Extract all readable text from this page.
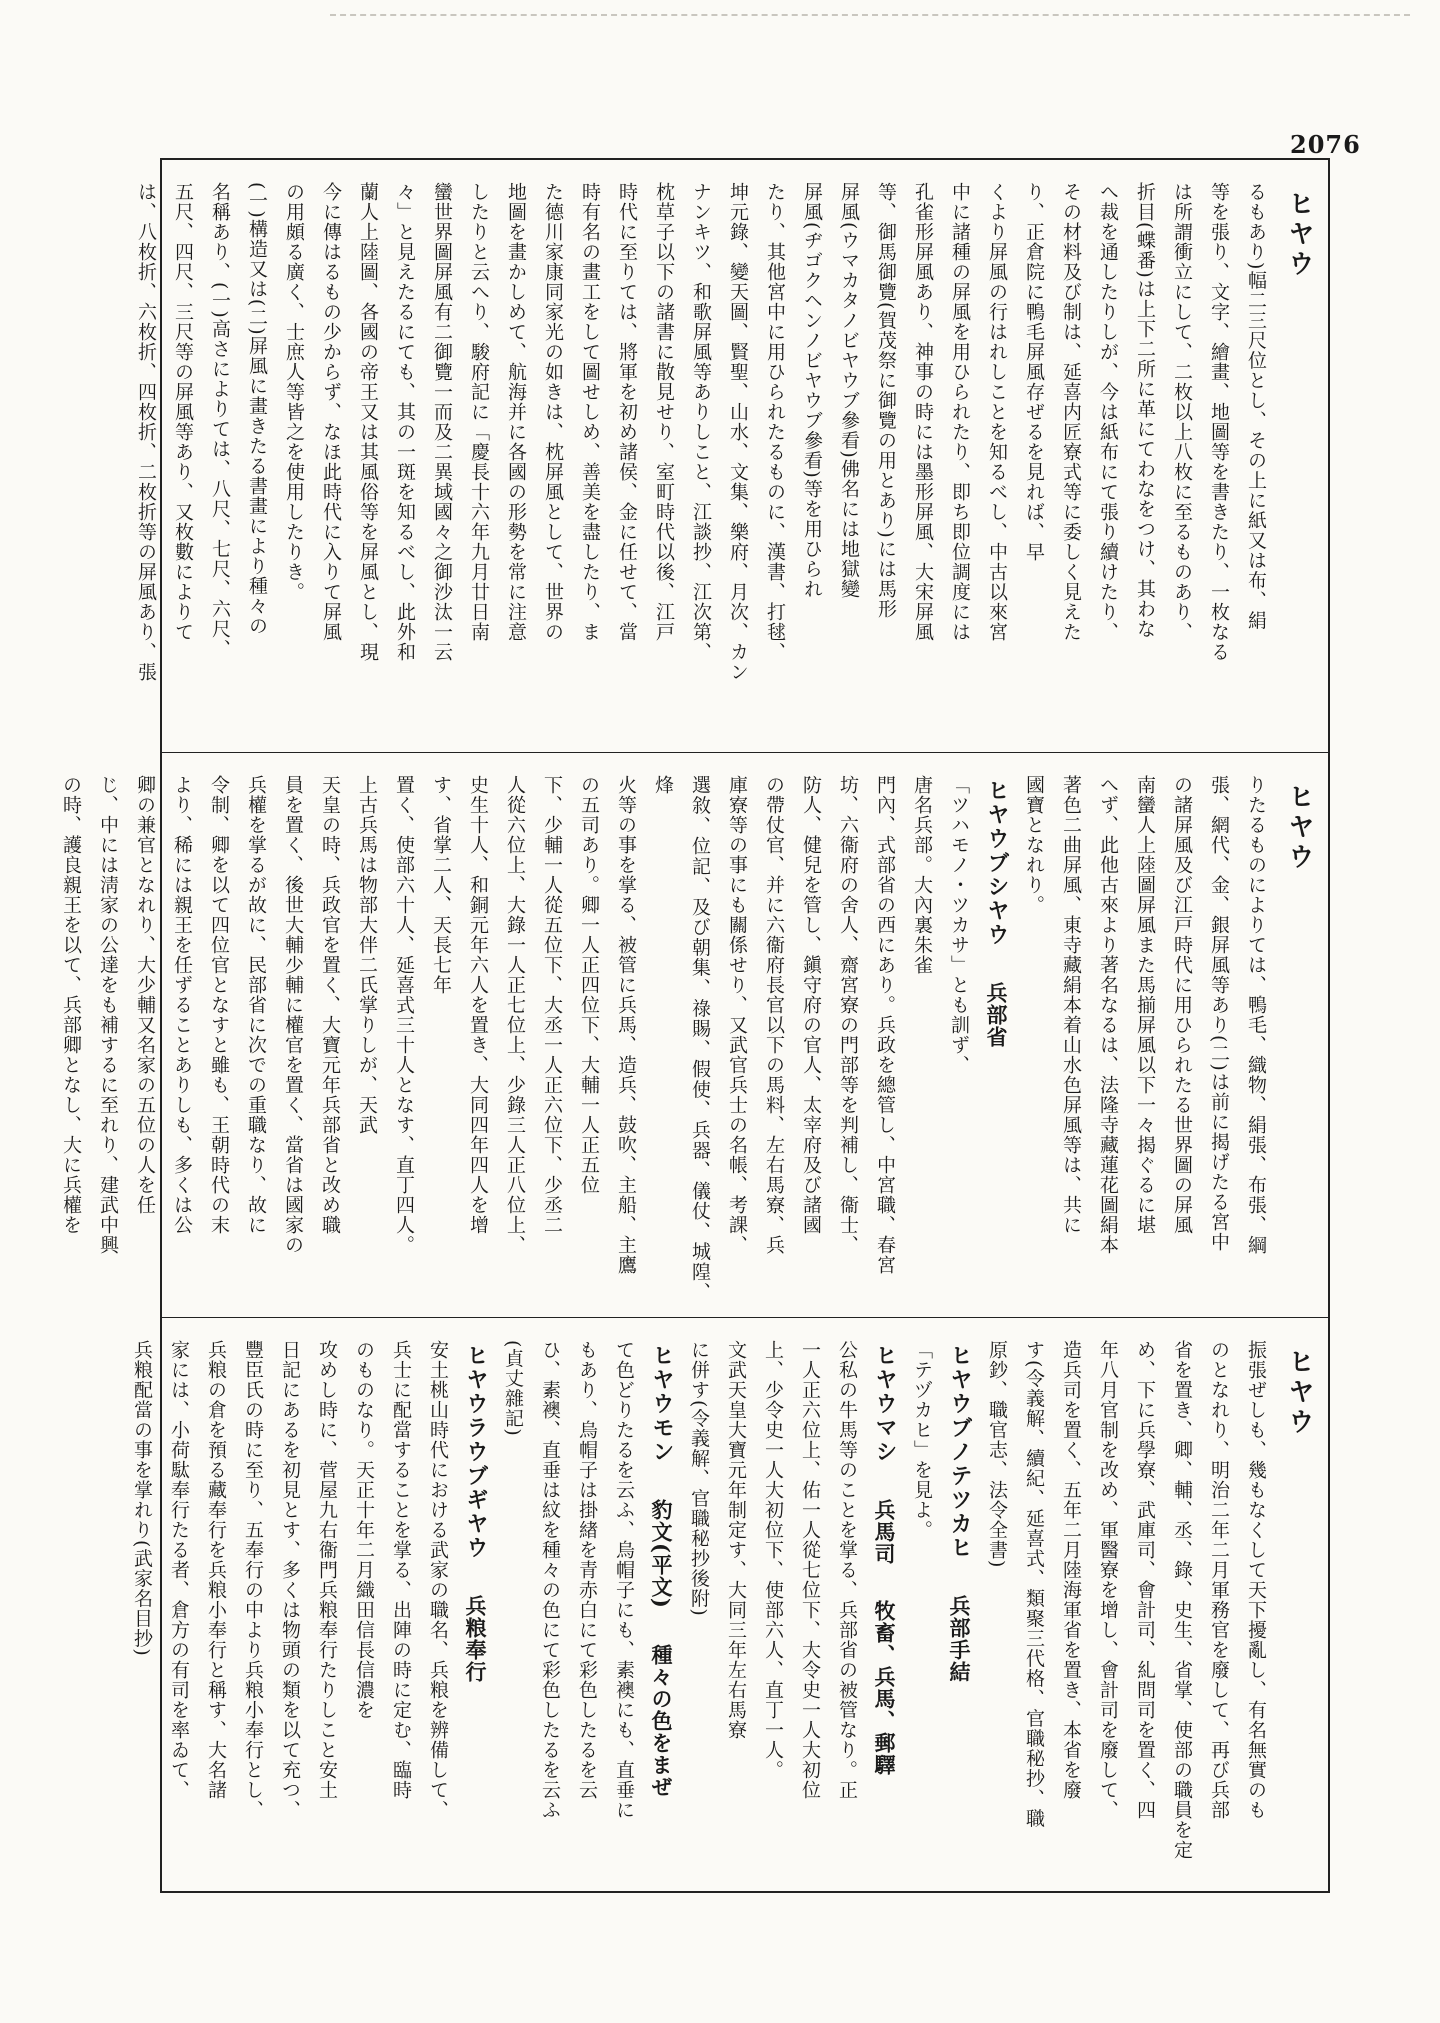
2076
ヒヤウ
るもあり)幅二三尺位とし、その上に紙又は布、絹
等を張り、文字、繪畫、地圖等を書きたり、一枚なる
は所謂衝立にして、二枚以上八枚に至るものあり、
折目(蝶番)は上下二所に革にてわなをつけ、其わな
へ裁を通したりしが、今は紙布にて張り續けたり、
その材料及び制は、延喜内匠寮式等に委しく見えた
り、正倉院に鴨毛屏風存ぜるを見れば、早
くより屏風の行はれしことを知るべし、中古以來宮
中に諸種の屏風を用ひられたり、即ち即位調度には
孔雀形屏風あり、神事の時には墨形屏風、大宋屏風
等、御馬御覽(賀茂祭に御覽の用とあり)には馬形
屏風(ウマカタノビヤウブ參看)佛名には地獄變
屏風(ヂゴクヘンノビヤウブ參看)等を用ひられ
たり、其他宮中に用ひられたるものに、漢書、打毬、
坤元錄、變天圖、賢聖、山水、文集、樂府、月次、カン
ナンキツ、和歌屏風等ありしこと、江談抄、江次第、
枕草子以下の諸書に散見せり、室町時代以後、江戸
時代に至りては、將軍を初め諸侯、金に任せて、當
時有名の畫工をして圖せしめ、善美を盡したり、ま
た德川家康同家光の如きは、枕屏風として、世界の
地圖を畫かしめて、航海并に各國の形勢を常に注意
したりと云へり、駿府記に「慶長十六年九月廿日南
蠻世界圖屏風有二御覽一而及二異域國々之御沙汰一云
々」と見えたるにても、其の一斑を知るべし、此外和
蘭人上陸圖、各國の帝王又は其風俗等を屏風とし、現
今に傳はるもの少からず、なほ此時代に入りて屏風
の用頗る廣く、士庶人等皆之を使用したりき。
(一)構造又は(二)屏風に畫きたる書畫により種々の
名稱あり、(一)高さによりては、八尺、七尺、六尺、
五尺、四尺、三尺等の屏風等あり、又枚數によりて
は、八枚折、六枚折、四枚折、二枚折等の屏風あり、張
ヒヤウ
りたるものによりては、鴨毛、織物、絹張、布張、綱
張、網代、金、銀屏風等あり(二)は前に揭げたる宮中
の諸屏風及び江戸時代に用ひられたる世界圖の屏風
南蠻人上陸圖屏風また馬揃屏風以下一々揭ぐるに堪
へず、此他古來より著名なるは、法隆寺藏蓮花圖絹本
著色二曲屏風、東寺藏絹本着山水色屏風等は、共に
國寶となれり。
ヒヤウブシヤウ 兵部省
「ツハモノ・ツカサ」とも訓ず、
唐名兵部。大內裏朱雀
門內、式部省の西にあり。兵政を總管し、中宮職、春宮
坊、六衞府の舍人、齋宮寮の門部等を判補し、衞士、
防人、健兒を管し、鎭守府の官人、太宰府及び諸國
の帶仗官、并に六衞府長官以下の馬料、左右馬寮、兵
庫寮等の事にも關係せり、又武官兵士の名帳、考課、
選敘、位記、及び朝集、祿賜、假使、兵器、儀仗、城隍、烽
火等の事を掌る、被管に兵馬、造兵、鼓吹、主船、主鷹
の五司あり。卿一人正四位下、大輔一人正五位
下、少輔一人從五位下、大丞一人正六位下、少丞二
人從六位上、大錄一人正七位上、少錄三人正八位上、
史生十人、和銅元年六人を置き、大同四年四人を增
す、省掌二人、天長七年
置く、使部六十人、延喜式三十人となす、直丁四人。
上古兵馬は物部大伴二氏掌りしが、天武
天皇の時、兵政官を置く、大寶元年兵部省と改め職
員を置く、後世大輔少輔に權官を置く、當省は國家の
兵權を掌るが故に、民部省に次での重職なり、故に
令制、卿を以て四位官となすと雖も、王朝時代の末
より、稀には親王を任ずることありしも、多くは公
卿の兼官となれり、大少輔又名家の五位の人を任
じ、中には淸家の公達をも補するに至れり、建武中興
の時、護良親王を以て、兵部卿となし、大に兵權を
ヒヤウ
振張ぜしも、幾もなくして天下擾亂し、有名無實のも
のとなれり、明治二年二月軍務官を廢して、再び兵部
省を置き、卿、輔、丞、錄、史生、省掌、使部の職員を定
め、下に兵學寮、武庫司、會計司、糺問司を置く、四
年八月官制を改め、軍醫寮を增し、會計司を廢して、
造兵司を置く、五年二月陸海軍省を置き、本省を廢
す(令義解、續紀、延喜式、類聚三代格、官職秘抄、職
原鈔、職官志、法令全書)
ヒヤウブノテツカヒ 兵部手結
「テヅカヒ」を見よ。
ヒヤウマシ 兵馬司 牧畜、兵馬、郵驛
公私の牛馬等のことを掌る、兵部省の被管なり。正
一人正六位上、佑一人從七位下、大令史一人大初位
上、少令史一人大初位下、使部六人、直丁一人。
文武天皇大寶元年制定す、大同三年左右馬寮
に併す(令義解、官職秘抄後附)
ヒヤウモン 豹文(平文) 種々の色をまぜ
て色どりたるを云ふ、烏帽子にも、素襖にも、直垂に
もあり、烏帽子は掛緖を青赤白にて彩色したるを云
ひ、素襖、直垂は紋を種々の色にて彩色したるを云ふ
(貞丈雜記)
ヒヤウラウブギヤウ 兵粮奉行
安土桃山時代における武家の職名、兵粮を辨備して、
兵士に配當することを掌る、出陣の時に定む、臨時
のものなり。天正十年二月織田信長信濃を
攻めし時に、菅屋九右衞門兵粮奉行たりしこと安土
日記にあるを初見とす、多くは物頭の類を以て充つ、
豐臣氏の時に至り、五奉行の中より兵粮小奉行とし、
兵粮の倉を預る藏奉行を兵粮小奉行と稱す、大名諸
家には、小荷駄奉行たる者、倉方の有司を率ゐて、
兵粮配當の事を掌れり(武家名目抄)
